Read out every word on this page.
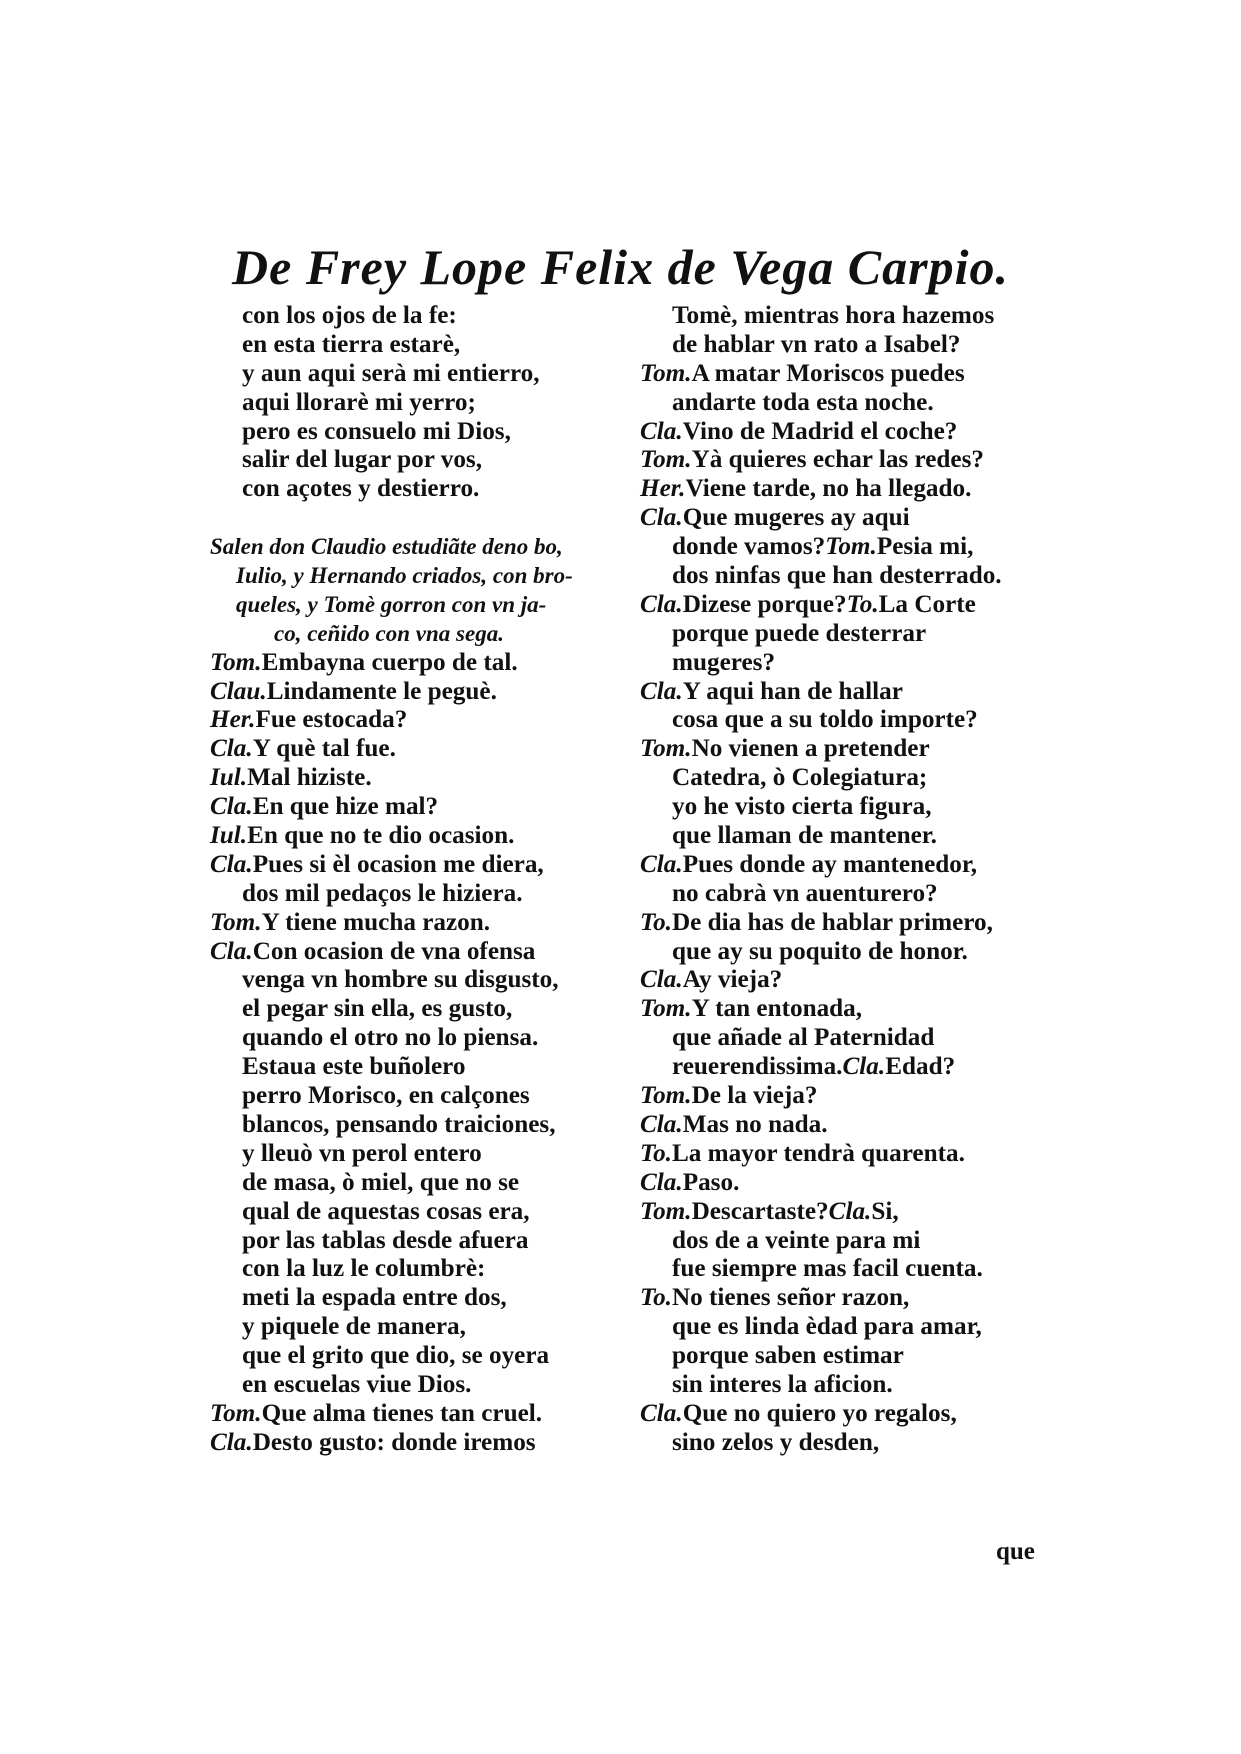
De Frey Lope Felix de Vega Carpio.
con los ojos de la fe:
en esta tierra estarè,
y aun aqui serà mi entierro,
aqui llorarè mi yerro;
pero es consuelo mi Dios,
salir del lugar por vos,
con açotes y destierro.
Salen don Claudio estudiãte deno bo,
Iulio, y Hernando criados, con bro-
queles, y Tomè gorron con vn ja-
co, ceñido con vna sega.
Tom.Embayna cuerpo de tal.
Clau.Lindamente le peguè.
Her.Fue estocada?
Cla.Y què tal fue.
Iul.Mal hiziste.
Cla.En que hize mal?
Iul.En que no te dio ocasion.
Cla.Pues si èl ocasion me diera,
dos mil pedaços le hiziera.
Tom.Y tiene mucha razon.
Cla.Con ocasion de vna ofensa
venga vn hombre su disgusto,
el pegar sin ella, es gusto,
quando el otro no lo piensa.
Estaua este buñolero
perro Morisco, en calçones
blancos, pensando traiciones,
y lleuò vn perol entero
de masa, ò miel, que no se
qual de aquestas cosas era,
por las tablas desde afuera
con la luz le columbrè:
meti la espada entre dos,
y piquele de manera,
que el grito que dio, se oyera
en escuelas viue Dios.
Tom.Que alma tienes tan cruel.
Cla.Desto gusto: donde iremos
Tomè, mientras hora hazemos
de hablar vn rato a Isabel?
Tom.A matar Moriscos puedes
andarte toda esta noche.
Cla.Vino de Madrid el coche?
Tom.Yà quieres echar las redes?
Her.Viene tarde, no ha llegado.
Cla.Que mugeres ay aqui
donde vamos?Tom.Pesia mi,
dos ninfas que han desterrado.
Cla.Dizese porque?To.La Corte
porque puede desterrar
mugeres?
Cla.Y aqui han de hallar
cosa que a su toldo importe?
Tom.No vienen a pretender
Catedra, ò Colegiatura;
yo he visto cierta figura,
que llaman de mantener.
Cla.Pues donde ay mantenedor,
no cabrà vn auenturero?
To.De dia has de hablar primero,
que ay su poquito de honor.
Cla.Ay vieja?
Tom.Y tan entonada,
que añade al Paternidad
reuerendissima.Cla.Edad?
Tom.De la vieja?
Cla.Mas no nada.
To.La mayor tendrà quarenta.
Cla.Paso.
Tom.Descartaste?Cla.Si,
dos de a veinte para mi
fue siempre mas facil cuenta.
To.No tienes señor razon,
que es linda èdad para amar,
porque saben estimar
sin interes la aficion.
Cla.Que no quiero yo regalos,
sino zelos y desden,
que
